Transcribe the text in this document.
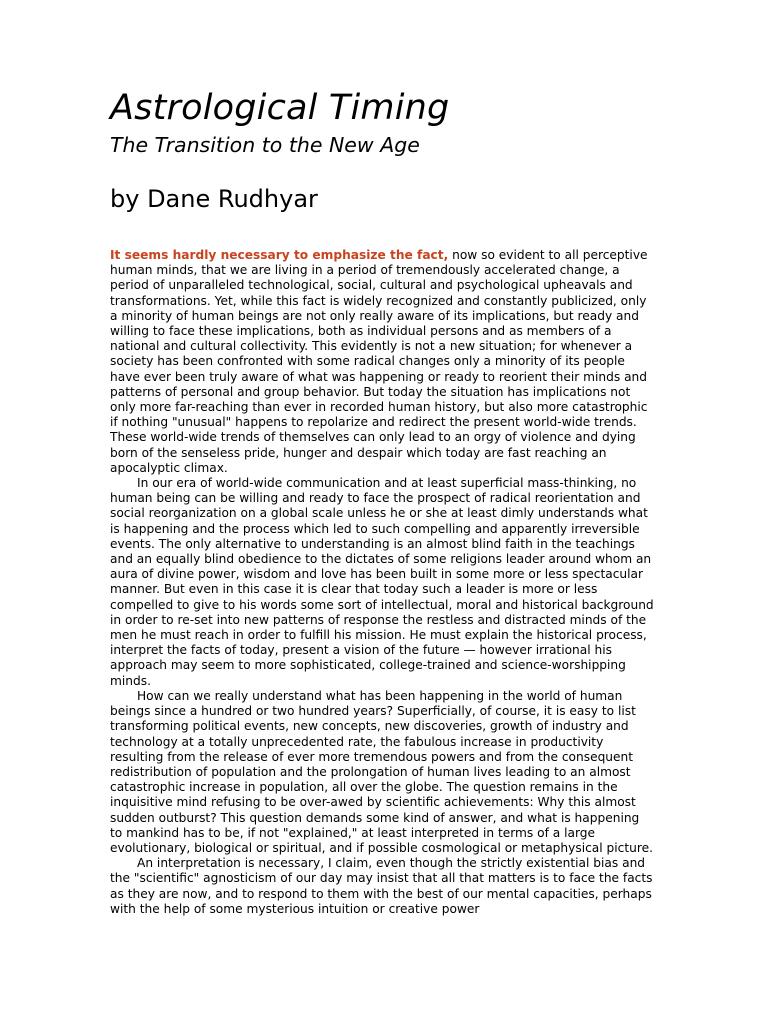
Astrological Timing
The Transition to the New Age
by Dane Rudhyar

It seems hardly necessary to emphasize the fact, now so evident to all perceptive human minds, that we are living in a period of tremendously accelerated change, a period of unparalleled technological, social, cultural and psychological upheavals and transformations. Yet, while this fact is widely recognized and constantly publicized, only a minority of human beings are not only really aware of its implications, but ready and willing to face these implications, both as individual persons and as members of a national and cultural collectivity. This evidently is not a new situation; for whenever a society has been confronted with some radical changes only a minority of its people have ever been truly aware of what was happening or ready to reorient their minds and patterns of personal and group behavior. But today the situation has implications not only more far-reaching than ever in recorded human history, but also more catastrophic if nothing "unusual" happens to repolarize and redirect the present world-wide trends. These world-wide trends of themselves can only lead to an orgy of violence and dying born of the senseless pride, hunger and despair which today are fast reaching an apocalyptic climax.

In our era of world-wide communication and at least superficial mass-thinking, no human being can be willing and ready to face the prospect of radical reorientation and social reorganization on a global scale unless he or she at least dimly understands what is happening and the process which led to such compelling and apparently irreversible events. The only alternative to understanding is an almost blind faith in the teachings and an equally blind obedience to the dictates of some religions leader around whom an aura of divine power, wisdom and love has been built in some more or less spectacular manner. But even in this case it is clear that today such a leader is more or less compelled to give to his words some sort of intellectual, moral and historical background in order to re-set into new patterns of response the restless and distracted minds of the men he must reach in order to fulfill his mission. He must explain the historical process, interpret the facts of today, present a vision of the future — however irrational his approach may seem to more sophisticated, college-trained and science-worshipping minds.

How can we really understand what has been happening in the world of human beings since a hundred or two hundred years? Superficially, of course, it is easy to list transforming political events, new concepts, new discoveries, growth of industry and technology at a totally unprecedented rate, the fabulous increase in productivity resulting from the release of ever more tremendous powers and from the consequent redistribution of population and the prolongation of human lives leading to an almost catastrophic increase in population, all over the globe. The question remains in the inquisitive mind refusing to be over-awed by scientific achievements: Why this almost sudden outburst? This question demands some kind of answer, and what is happening to mankind has to be, if not "explained," at least interpreted in terms of a large evolutionary, biological or spiritual, and if possible cosmological or metaphysical picture.

An interpretation is necessary, I claim, even though the strictly existential bias and the "scientific" agnosticism of our day may insist that all that matters is to face the facts as they are now, and to respond to them with the best of our mental capacities, perhaps with the help of some mysterious intuition or creative power
